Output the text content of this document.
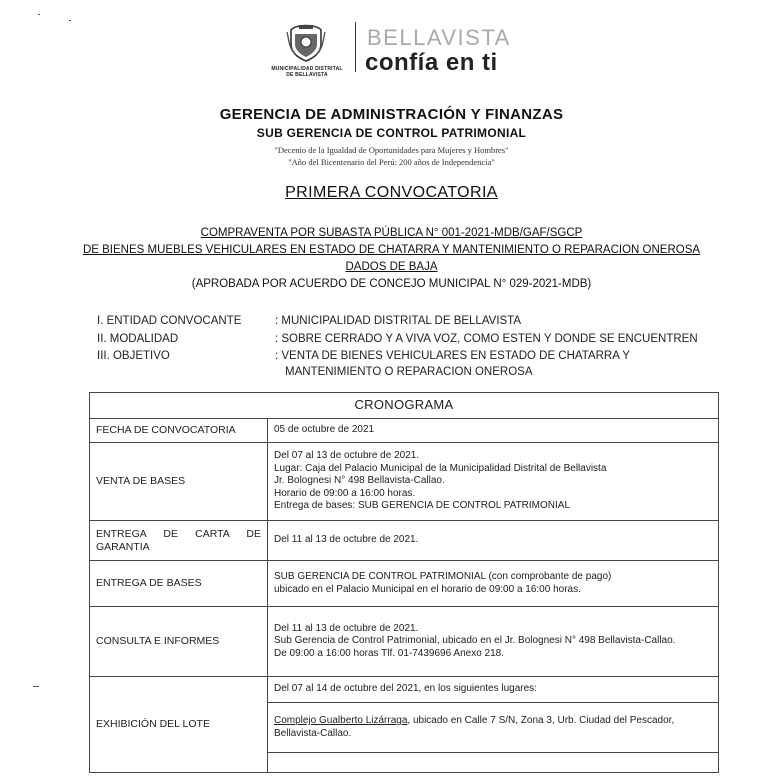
MUNICIPALIDAD DISTRITAL
DE BELLAVISTA
BELLAVISTA
confía en ti
GERENCIA DE ADMINISTRACIÓN Y FINANZAS
SUB GERENCIA DE CONTROL PATRIMONIAL
"Decenio de la Igualdad de Oportunidades para Mujeres y Hombres"
"Año del Bicentenario del Perú: 200 años de Independencia"
PRIMERA CONVOCATORIA
COMPRAVENTA POR SUBASTA PÚBLICA N° 001-2021-MDB/GAF/SGCP
DE BIENES MUEBLES VEHICULARES EN ESTADO DE CHATARRA Y MANTENIMIENTO O REPARACION ONEROSA
DADOS DE BAJA
(APROBADA POR ACUERDO DE CONCEJO MUNICIPAL N° 029-2021-MDB)
I. ENTIDAD CONVOCANTE	: MUNICIPALIDAD DISTRITAL DE BELLAVISTA
II. MODALIDAD	: SOBRE CERRADO Y A VIVA VOZ, COMO ESTEN Y DONDE SE ENCUENTREN
III. OBJETIVO	: VENTA DE BIENES VEHICULARES EN ESTADO DE CHATARRA Y
MANTENIMIENTO O REPARACION ONEROSA
CRONOGRAMA	
FECHA DE CONVOCATORIA	05 de octubre de 2021

VENTA DE BASES	Del 07 al 13 de octubre de 2021.
Lugar: Caja del Palacio Municipal de la Municipalidad Distrital de Bellavista
Jr. Bolognesi N° 498 Bellavista-Callao.
Horario de 09:00 a 16:00 horas.
Entrega de bases: SUB GERENCIA DE CONTROL PATRIMONIAL

ENTREGA DE CARTA DE
GARANTIA	Del 11 al 13 de octubre de 2021.

ENTREGA DE BASES	SUB GERENCIA DE CONTROL PATRIMONIAL (con comprobante de pago)
ubicado en el Palacio Municipal en el horario de 09:00 a 16:00 horas.

CONSULTA E INFORMES	Del 11 al 13 de octubre de 2021.
Sub Gerencia de Control Patrimonial, ubicado en el Jr. Bolognesi N° 498 Bellavista-Callao.
De 09:00 a 16:00 horas Tlf. 01-7439696 Anexo 218.

EXHIBICIÓN DEL LOTE	Del 07 al 14 de octubre del 2021, en los siguientes lugares:

	Complejo Gualberto Lizárraga, ubicado en Calle 7 S/N, Zona 3, Urb. Ciudad del Pescador,
Bellavista-Callao.
